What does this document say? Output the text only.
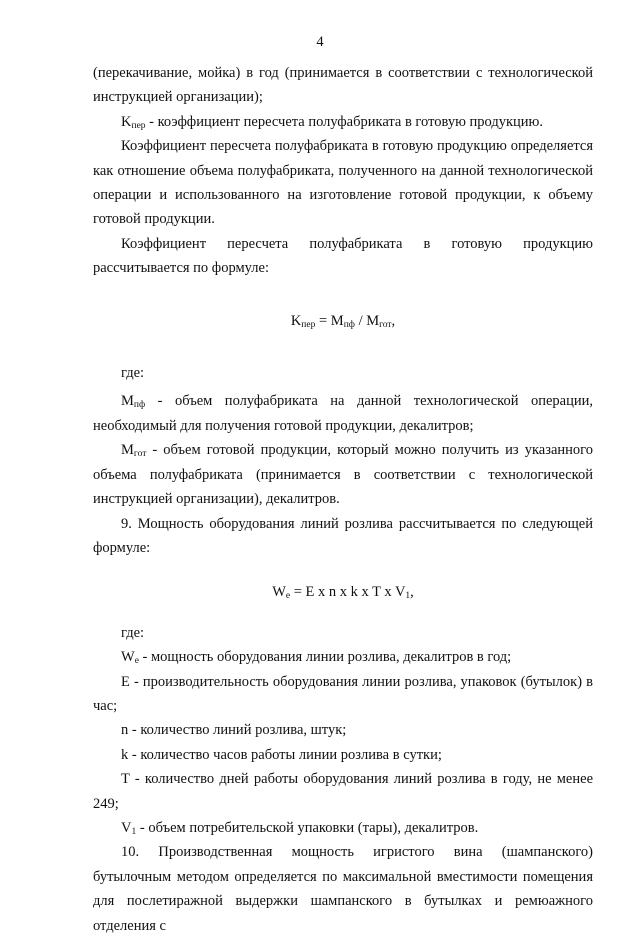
4

(перекачивание, мойка) в год (принимается в соответствии с технологической инструкцией организации);

$K_{пер}$ - коэффициент пересчета полуфабриката в готовую продукцию.

Коэффициент пересчета полуфабриката в готовую продукцию определяется как отношение объема полуфабриката, полученного на данной технологической операции и использованного на изготовление готовой продукции, к объему готовой продукции.

Коэффициент пересчета полуфабриката в готовую продукцию рассчитывается по формуле:

$K_{пер} = M_{пф} / M_{гот}$,

где:

$M_{пф}$ - объем полуфабриката на данной технологической операции, необходимый для получения готовой продукции, декалитров;

$M_{гот}$ - объем готовой продукции, который можно получить из указанного объема полуфабриката (принимается в соответствии с технологической инструкцией организации), декалитров.

9. Мощность оборудования линий розлива рассчитывается по следующей формуле:

$W_e = E$ x n x k x T x $V_1$,

где:

$W_e$ - мощность оборудования линии розлива, декалитров в год;

E - производительность оборудования линии розлива, упаковок (бутылок) в час;

n - количество линий розлива, штук;

k - количество часов работы линии розлива в сутки;

T - количество дней работы оборудования линий розлива в году, не менее 249;

$V_1$ - объем потребительской упаковки (тары), декалитров.

10. Производственная мощность игристого вина (шампанского) бутылочным методом определяется по максимальной вместимости помещения для послетиражной выдержки шампанского в бутылках и ремюажного отделения с
